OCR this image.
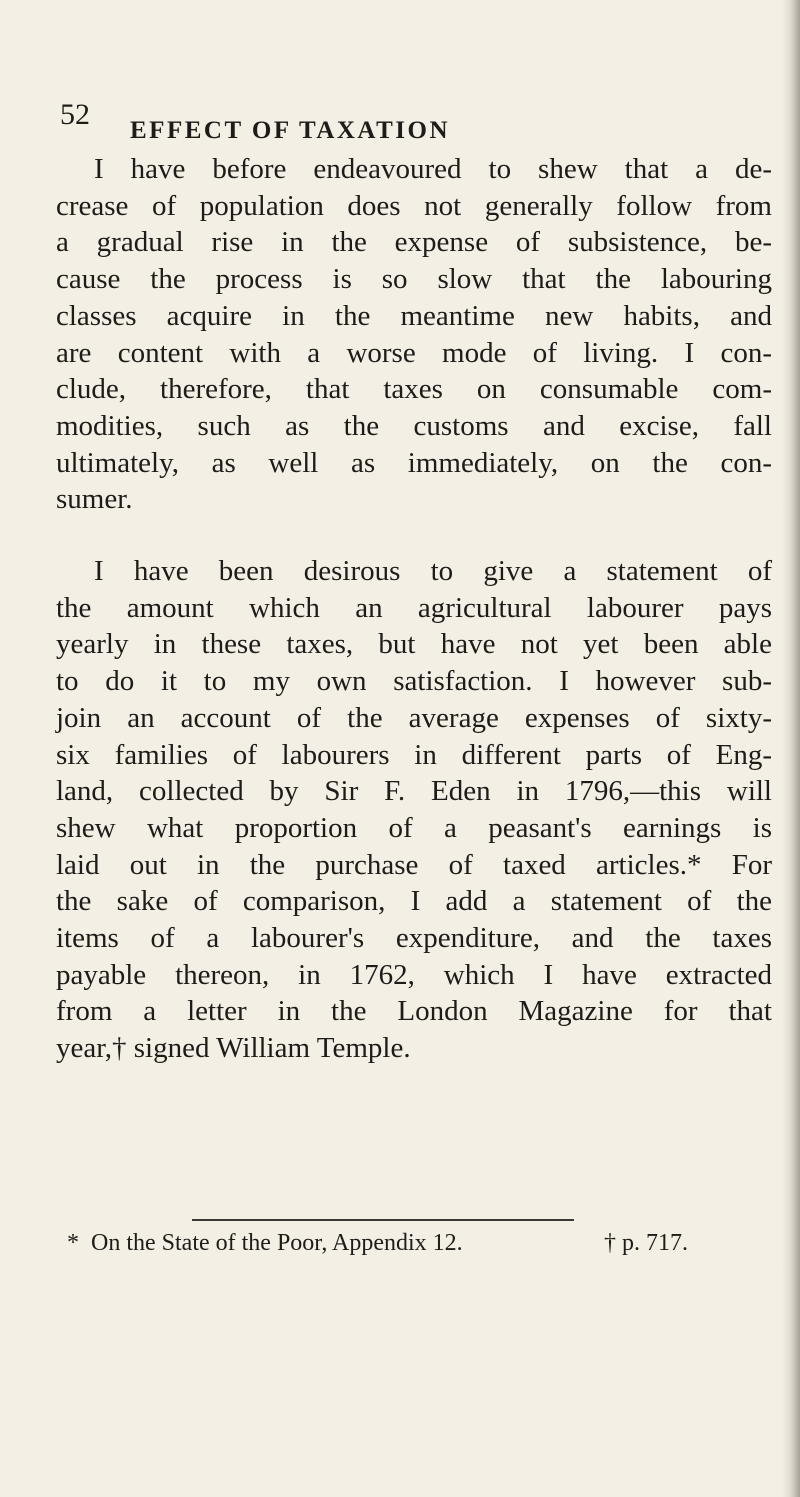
52 EFFECT OF TAXATION

I have before endeavoured to shew that a de-
crease of population does not generally follow from
a gradual rise in the expense of subsistence, be-
cause the process is so slow that the labouring
classes acquire in the meantime new habits, and
are content with a worse mode of living. I con-
clude, therefore, that taxes on consumable com-
modities, such as the customs and excise, fall
ultimately, as well as immediately, on the con-
sumer.

I have been desirous to give a statement of
the amount which an agricultural labourer pays
yearly in these taxes, but have not yet been able
to do it to my own satisfaction. I however sub-
join an account of the average expenses of sixty-
six families of labourers in different parts of Eng-
land, collected by Sir F. Eden in 1796,—this will
shew what proportion of a peasant's earnings is
laid out in the purchase of taxed articles.* For
the sake of comparison, I add a statement of the
items of a labourer's expenditure, and the taxes
payable thereon, in 1762, which I have extracted
from a letter in the London Magazine for that
year,† signed William Temple.

* On the State of the Poor, Appendix 12.	† p. 717.
